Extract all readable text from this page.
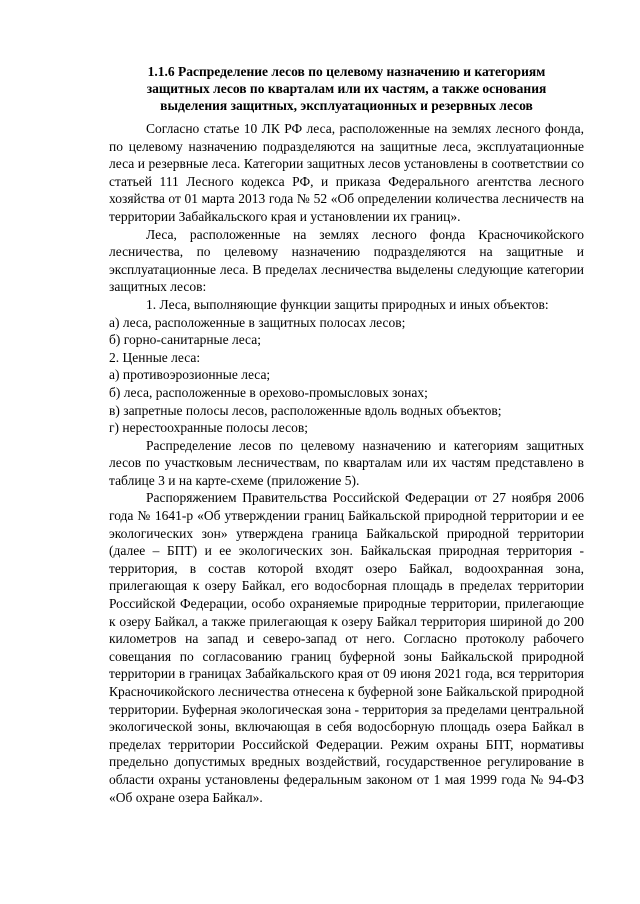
1.1.6 Распределение лесов по целевому назначению и категориям
защитных лесов по кварталам или их частям, а также основания
выделения защитных, эксплуатационных и резервных лесов

Согласно статье 10 ЛК РФ леса, расположенные на землях лесного фонда, по целевому назначению подразделяются на защитные леса, эксплуатационные леса и резервные леса. Категории защитных лесов установлены в соответствии со статьей 111 Лесного кодекса РФ, и приказа Федерального агентства лесного хозяйства от 01 марта 2013 года № 52 «Об определении количества лесничеств на территории Забайкальского края и установлении их границ».

Леса, расположенные на землях лесного фонда Красночикойского лесничества, по целевому назначению подразделяются на защитные и эксплуатационные леса. В пределах лесничества выделены следующие категории защитных лесов:

1. Леса, выполняющие функции защиты природных и иных объектов:

а) леса, расположенные в защитных полосах лесов;

б) горно-санитарные леса;

2. Ценные леса:

а) противоэрозионные леса;

б) леса, расположенные в орехово-промысловых зонах;

в) запретные полосы лесов, расположенные вдоль водных объектов;

г) нерестоохранные полосы лесов;

Распределение лесов по целевому назначению и категориям защитных лесов по участковым лесничествам, по кварталам или их частям представлено в таблице 3 и на карте-схеме (приложение 5).

Распоряжением Правительства Российской Федерации от 27 ноября 2006 года № 1641-р «Об утверждении границ Байкальской природной территории и ее экологических зон» утверждена граница Байкальской природной территории (далее – БПТ) и ее экологических зон. Байкальская природная территория - территория, в состав которой входят озеро Байкал, водоохранная зона, прилегающая к озеру Байкал, его водосборная площадь в пределах территории Российской Федерации, особо охраняемые природные территории, прилегающие к озеру Байкал, а также прилегающая к озеру Байкал территория шириной до 200 километров на запад и северо-запад от него. Согласно протоколу рабочего совещания по согласованию границ буферной зоны Байкальской природной территории в границах Забайкальского края от 09 июня 2021 года, вся территория Красночикойского лесничества отнесена к буферной зоне Байкальской природной территории. Буферная экологическая зона - территория за пределами центральной экологической зоны, включающая в себя водосборную площадь озера Байкал в пределах территории Российской Федерации. Режим охраны БПТ, нормативы предельно допустимых вредных воздействий, государственное регулирование в области охраны установлены федеральным законом от 1 мая 1999 года № 94-ФЗ «Об охране озера Байкал».
